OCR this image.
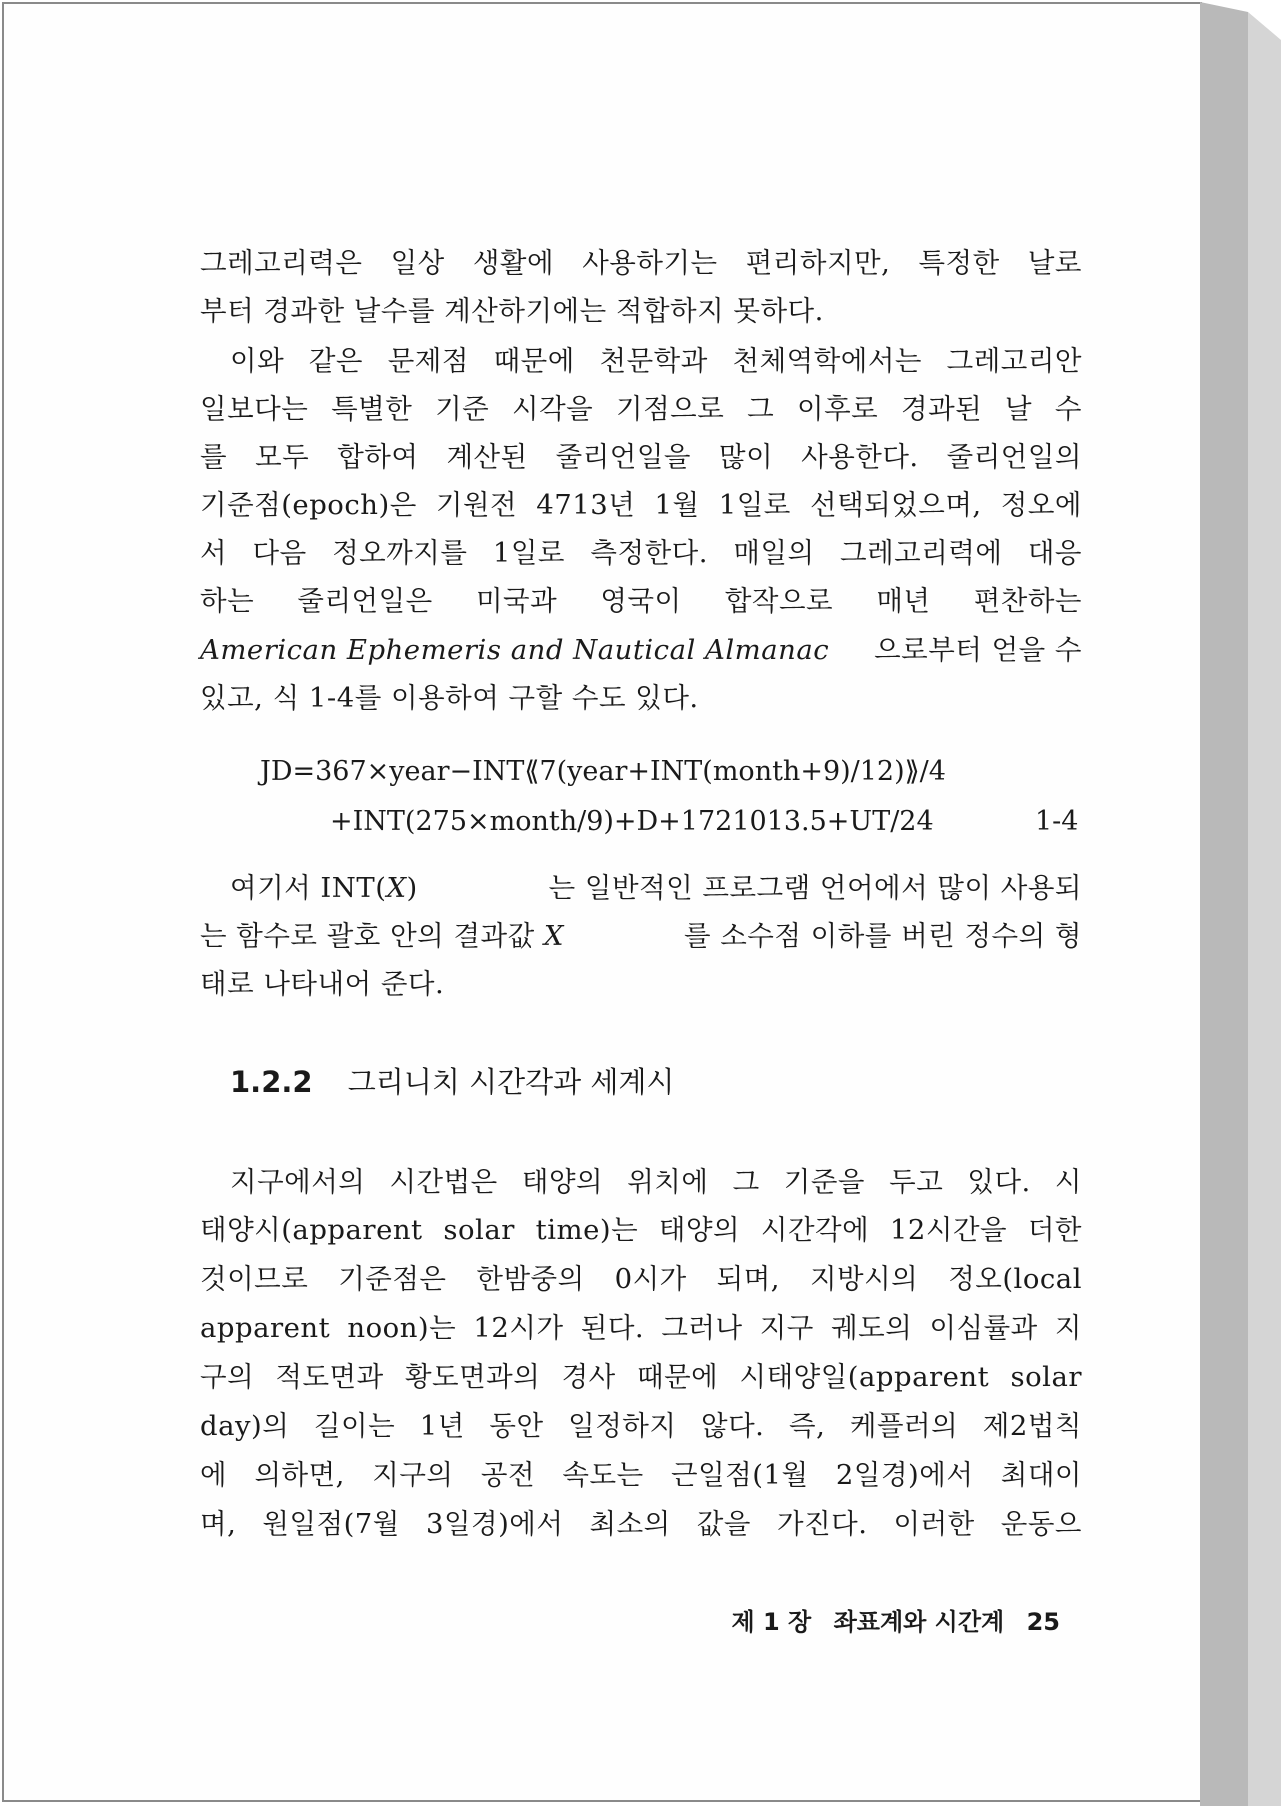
그레고리력은 일상 생활에 사용하기는 편리하지만, 특정한 날로
부터 경과한 날수를 계산하기에는 적합하지 못하다.
이와 같은 문제점 때문에 천문학과 천체역학에서는 그레고리안
일보다는 특별한 기준 시각을 기점으로 그 이후로 경과된 날 수
를 모두 합하여 계산된 줄리언일을 많이 사용한다. 줄리언일의
기준점(epoch)은 기원전 4713년 1월 1일로 선택되었으며, 정오에
서 다음 정오까지를 1일로 측정한다. 매일의 그레고리력에 대응
하는 줄리언일은 미국과 영국이 합작으로 매년 편찬하는
American Ephemeris and Nautical Almanac 으로부터 얻을 수
있고, 식 1-4를 이용하여 구할 수도 있다.
JD=367×year−INT⟪7(year+INT(month+9)/12)⟫/4
+INT(275×month/9)+D+1721013.5+UT/24	1-4
여기서 INT(X)	는 일반적인 프로그램 언어에서 많이 사용되
는 함수로 괄호 안의 결과값 X	를 소수점 이하를 버린 정수의 형
태로 나타내어 준다.
1.2.2 그리니치 시간각과 세계시
지구에서의 시간법은 태양의 위치에 그 기준을 두고 있다. 시
태양시(apparent solar time)는 태양의 시간각에 12시간을 더한
것이므로 기준점은 한밤중의 0시가 되며, 지방시의 정오(local
apparent noon)는 12시가 된다. 그러나 지구 궤도의 이심률과 지
구의 적도면과 황도면과의 경사 때문에 시태양일(apparent solar
day)의 길이는 1년 동안 일정하지 않다. 즉, 케플러의 제2법칙
에 의하면, 지구의 공전 속도는 근일점(1월 2일경)에서 최대이
며, 원일점(7월 3일경)에서 최소의 값을 가진다. 이러한 운동으
제 1 장 좌표계와 시간계 25
